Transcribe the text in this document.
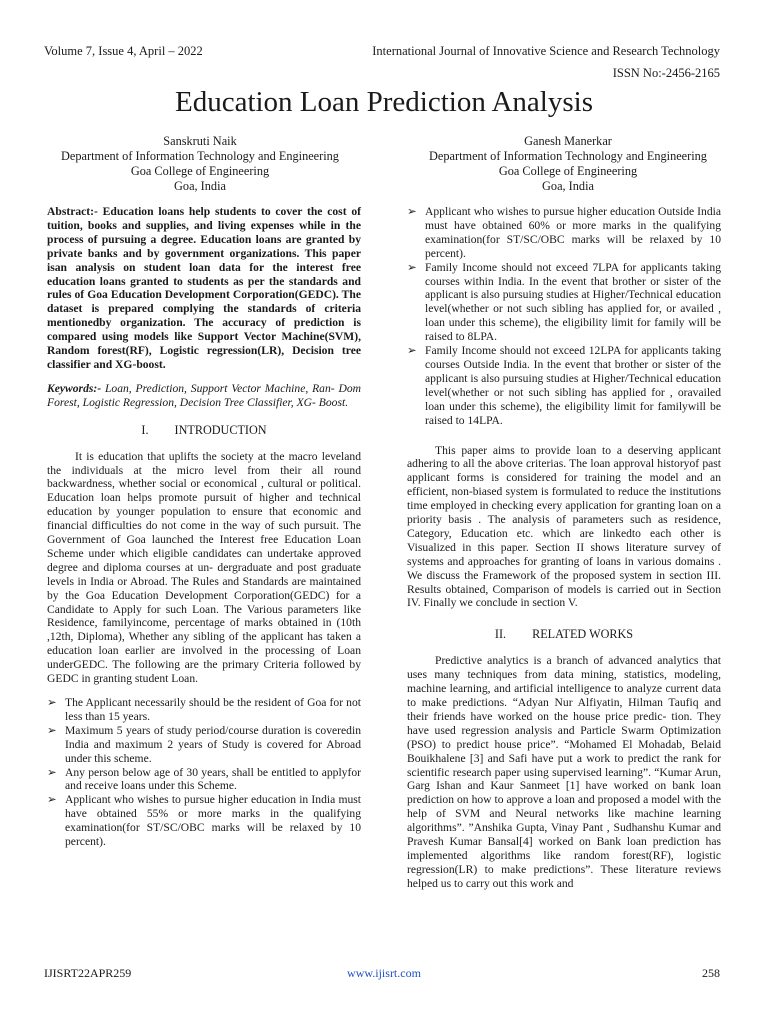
Volume 7, Issue 4, April – 2022	International Journal of Innovative Science and Research Technology
ISSN No:-2456-2165
Education Loan Prediction Analysis
Sanskruti Naik
Department of Information Technology and Engineering
Goa College of Engineering
Goa, India
Ganesh Manerkar
Department of Information Technology and Engineering
Goa College of Engineering
Goa, India

Abstract:- Education loans help students to cover the cost of tuition, books and supplies, and living expenses while in the process of pursuing a degree. Education loans are granted by private banks and by government organizations. This paper isan analysis on student loan data for the interest free education loans granted to students as per the standards and rules of Goa Education Development Corporation(GEDC). The dataset is prepared complying the standards of criteria mentionedby organization. The accuracy of prediction is compared using models like Support Vector Machine(SVM), Random forest(RF), Logistic regression(LR), Decision tree classifier and XG-boost.

Keywords:- Loan, Prediction, Support Vector Machine, Ran- Dom Forest, Logistic Regression, Decision Tree Classifier, XG- Boost.

I. INTRODUCTION

It is education that uplifts the society at the macro leveland the individuals at the micro level from their all round backwardness, whether social or economical , cultural or political. Education loan helps promote pursuit of higher and technical education by younger population to ensure that economic and financial difficulties do not come in the way of such pursuit. The Government of Goa launched the Interest free Education Loan Scheme under which eligible candidates can undertake approved degree and diploma courses at un- dergraduate and post graduate levels in India or Abroad. The Rules and Standards are maintained by the Goa Education Development Corporation(GEDC) for a Candidate to Apply for such Loan. The Various parameters like Residence, familyincome, percentage of marks obtained in (10th ,12th, Diploma), Whether any sibling of the applicant has taken a education loan earlier are involved in the processing of Loan underGEDC. The following are the primary Criteria followed by GEDC in granting student Loan.

➢ The Applicant necessarily should be the resident of Goa for not less than 15 years.
➢ Maximum 5 years of study period/course duration is coveredin India and maximum 2 years of Study is covered for Abroad under this scheme.
➢ Any person below age of 30 years, shall be entitled to applyfor and receive loans under this Scheme.
➢ Applicant who wishes to pursue higher education in India must have obtained 55% or more marks in the qualifying examination(for ST/SC/OBC marks will be relaxed by 10 percent).
➢ Applicant who wishes to pursue higher education Outside India must have obtained 60% or more marks in the qualifying examination(for ST/SC/OBC marks will be relaxed by 10 percent).
➢ Family Income should not exceed 7LPA for applicants taking courses within India. In the event that brother or sister of the applicant is also pursuing studies at Higher/Technical education level(whether or not such sibling has applied for, or availed , loan under this scheme), the eligibility limit for family will be raised to 8LPA.
➢ Family Income should not exceed 12LPA for applicants taking courses Outside India. In the event that brother or sister of the applicant is also pursuing studies at Higher/Technical education level(whether or not such sibling has applied for , oravailed loan under this scheme), the eligibility limit for familywill be raised to 14LPA.

This paper aims to provide loan to a deserving applicant adhering to all the above criterias. The loan approval historyof past applicant forms is considered for training the model and an efficient, non-biased system is formulated to reduce the institutions time employed in checking every application for granting loan on a priority basis . The analysis of parameters such as residence, Category, Education etc. which are linkedto each other is Visualized in this paper. Section II shows literature survey of systems and approaches for granting of loans in various domains . We discuss the Framework of the proposed system in section III. Results obtained, Comparison of models is carried out in Section IV. Finally we conclude in section V.

II. RELATED WORKS

Predictive analytics is a branch of advanced analytics that uses many techniques from data mining, statistics, modeling, machine learning, and artificial intelligence to analyze current data to make predictions. “Adyan Nur Alfiyatin, Hilman Taufiq and their friends have worked on the house price predic- tion. They have used regression analysis and Particle Swarm Optimization (PSO) to predict house price”. “Mohamed El Mohadab, Belaid Bouikhalene [3] and Safi have put a work to predict the rank for scientific research paper using supervised learning”. “Kumar Arun, Garg Ishan and Kaur Sanmeet [1] have worked on bank loan prediction on how to approve a loan and proposed a model with the help of SVM and Neural networks like machine learning algorithms”. ”Anshika Gupta, Vinay Pant , Sudhanshu Kumar and Pravesh Kumar Bansal[4] worked on Bank loan prediction has implemented algorithms like random forest(RF), logistic regression(LR) to make predictions”. These literature reviews helped us to carry out this work and

IJISRT22APR259	www.ijisrt.com	258
